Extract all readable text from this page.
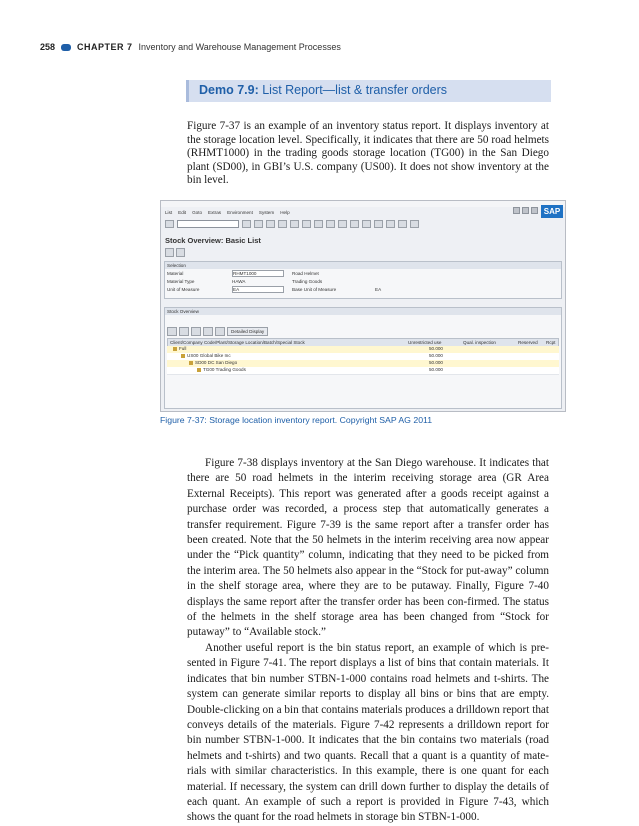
258 CHAPTER 7 Inventory and Warehouse Management Processes
Demo 7.9: List Report—list & transfer orders
Figure 7-37 is an example of an inventory status report. It displays inventory at the storage location level. Specifically, it indicates that there are 50 road helmets (RHMT1000) in the trading goods storage location (TG00) in the San Diego plant (SD00), in GBI’s U.S. company (US00). It does not show inventory at the bin level.
List Edit Goto Extras Environment System Help	SAP
Stock Overview: Basic List
Selection
Material	RHMT1000	Road Helmet
Material Type	HAWA	Trading Goods
Unit of Measure	EA	Base Unit of Measure	EA
Stock Overview
Detailed Display
Client/Company Code/Plant/Storage Location/Batch/Special Stock	Unrestricted use	Qual. inspection	Reserved Rcpt
Full	50.000
US00 Global Bike Inc	50.000
SD00 DC San Diego	50.000
TG00 Trading Goods	50.000
Figure 7-37: Storage location inventory report. Copyright SAP AG 2011

Figure 7-38 displays inventory at the San Diego warehouse. It indicates that there are 50 road helmets in the interim receiving storage area (GR Area External Receipts). This report was generated after a goods receipt against a purchase order was recorded, a process step that automatically generates a transfer requirement. Figure 7-39 is the same report after a transfer order has been created. Note that the 50 helmets in the interim receiving area now appear under the “Pick quantity” column, indicating that they need to be picked from the interim area. The 50 helmets also appear in the “Stock for put-away” column in the shelf storage area, where they are to be putaway. Finally, Figure 7-40 displays the same report after the transfer order has been con-firmed. The status of the helmets in the shelf storage area has been changed from “Stock for putaway” to “Available stock.”

Another useful report is the bin status report, an example of which is pre-sented in Figure 7-41. The report displays a list of bins that contain materials. It indicates that bin number STBN-1-000 contains road helmets and t-shirts. The system can generate similar reports to display all bins or bins that are empty. Double-clicking on a bin that contains materials produces a drilldown report that conveys details of the materials. Figure 7-42 represents a drilldown report for bin number STBN-1-000. It indicates that the bin contains two materials (road helmets and t-shirts) and two quants. Recall that a quant is a quantity of mate-rials with similar characteristics. In this example, there is one quant for each material. If necessary, the system can drill down further to display the details of each quant. An example of such a report is provided in Figure 7-43, which shows the quant for the road helmets in storage bin STBN-1-000.
